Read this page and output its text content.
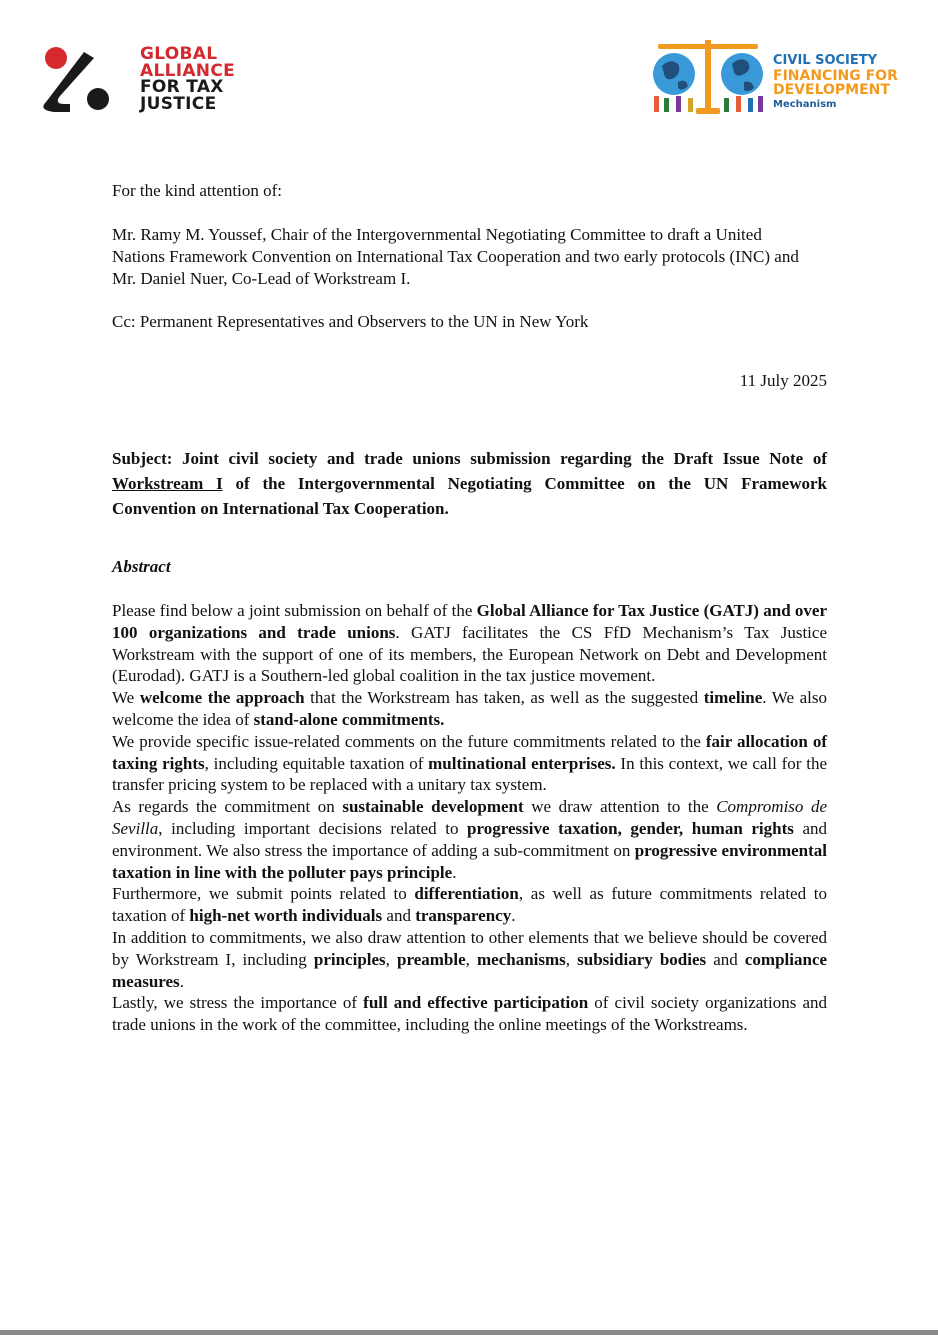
GLOBAL
ALLIANCE
FOR TAX
JUSTICE
CIVIL SOCIETY
FINANCING FOR
DEVELOPMENT
Mechanism

For the kind attention of:

Mr. Ramy M. Youssef, Chair of the Intergovernmental Negotiating Committee to draft a United Nations Framework Convention on International Tax Cooperation and two early protocols (INC) and Mr. Daniel Nuer, Co-Lead of Workstream I.

Cc: Permanent Representatives and Observers to the UN in New York

11 July 2025

Subject: Joint civil society and trade unions submission regarding the Draft Issue Note of Workstream I of the Intergovernmental Negotiating Committee on the UN Framework Convention on International Tax Cooperation.

Abstract

Please find below a joint submission on behalf of the Global Alliance for Tax Justice (GATJ) and over 100 organizations and trade unions. GATJ facilitates the CS FfD Mechanism’s Tax Justice Workstream with the support of one of its members, the European Network on Debt and Development (Eurodad). GATJ is a Southern-led global coalition in the tax justice movement.

We welcome the approach that the Workstream has taken, as well as the suggested timeline. We also welcome the idea of stand-alone commitments.

We provide specific issue-related comments on the future commitments related to the fair allocation of taxing rights, including equitable taxation of multinational enterprises. In this context, we call for the transfer pricing system to be replaced with a unitary tax system.

As regards the commitment on sustainable development we draw attention to the Compromiso de Sevilla, including important decisions related to progressive taxation, gender, human rights and environment. We also stress the importance of adding a sub-commitment on progressive environmental taxation in line with the polluter pays principle.

Furthermore, we submit points related to differentiation, as well as future commitments related to taxation of high-net worth individuals and transparency.

In addition to commitments, we also draw attention to other elements that we believe should be covered by Workstream I, including principles, preamble, mechanisms, subsidiary bodies and compliance measures.

Lastly, we stress the importance of full and effective participation of civil society organizations and trade unions in the work of the committee, including the online meetings of the Workstreams.
